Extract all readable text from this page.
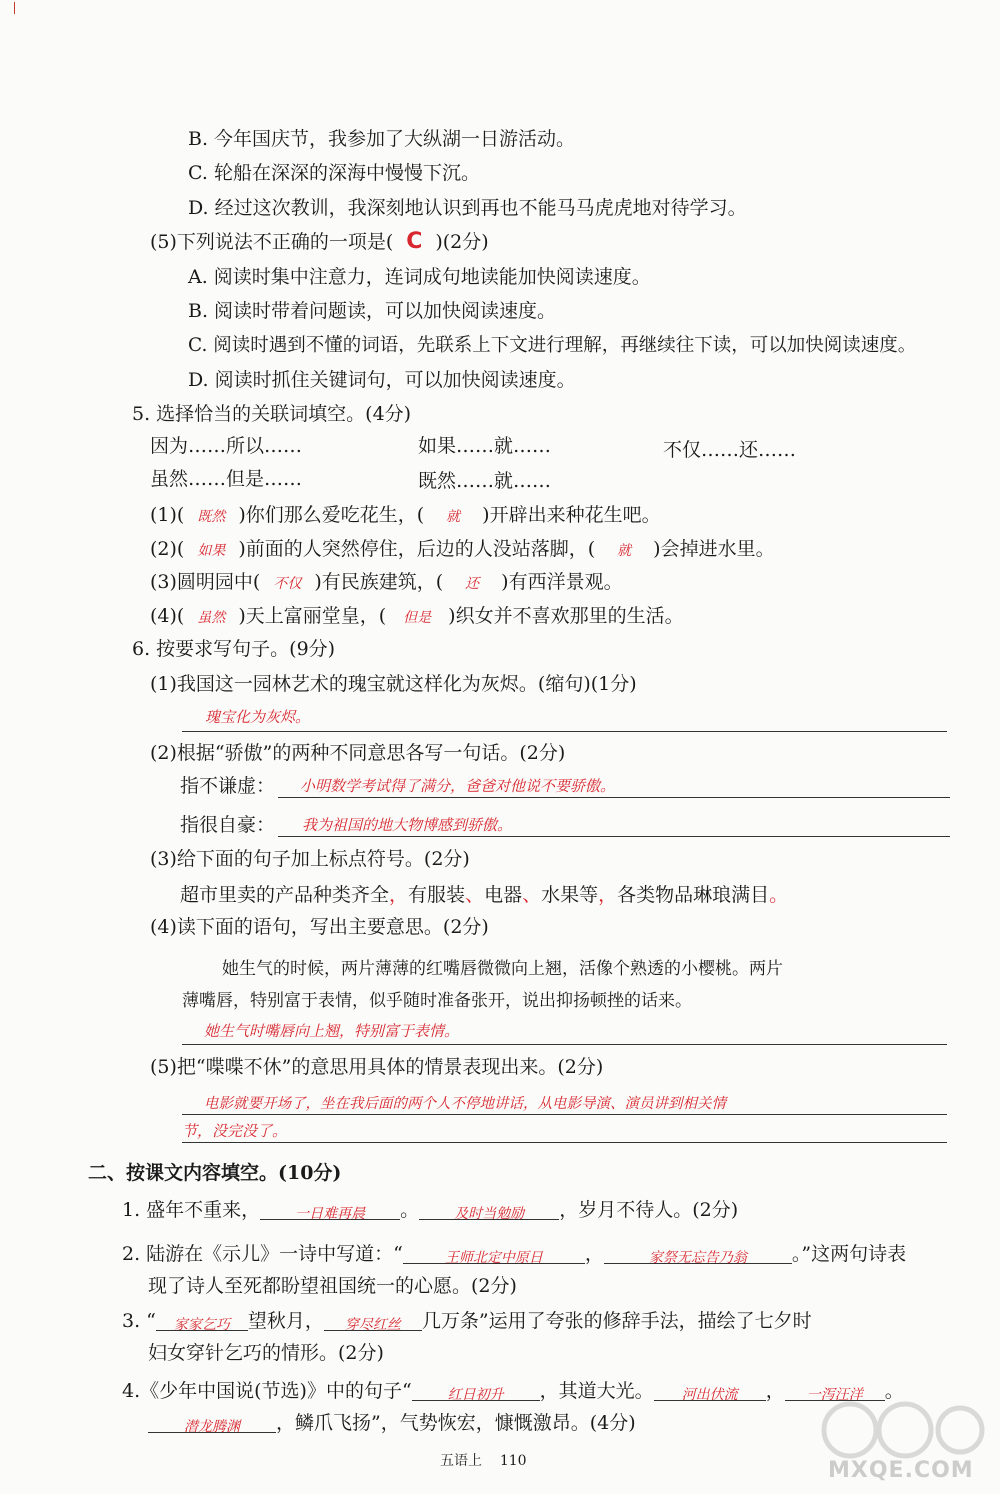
B. 今年国庆节，我参加了大纵湖一日游活动。
C. 轮船在深深的深海中慢慢下沉。
D. 经过这次教训，我深刻地认识到再也不能马马虎虎地对待学习。
(5)下列说法不正确的一项是( C )(2分)
A. 阅读时集中注意力，连词成句地读能加快阅读速度。
B. 阅读时带着问题读，可以加快阅读速度。
C. 阅读时遇到不懂的词语，先联系上下文进行理解，再继续往下读，可以加快阅读速度。
D. 阅读时抓住关键词句，可以加快阅读速度。
5. 选择恰当的关联词填空。(4分)
因为……所以……	如果……就……	不仅……还……
虽然……但是……	既然……就……
(1)( 既然 )你们那么爱吃花生，( 就 )开辟出来种花生吧。
(2)( 如果 )前面的人突然停住，后边的人没站落脚，( 就 )会掉进水里。
(3)圆明园中( 不仅 )有民族建筑，( 还 )有西洋景观。
(4)( 虽然 )天上富丽堂皇，( 但是 )织女并不喜欢那里的生活。
6. 按要求写句子。(9分)
(1)我国这一园林艺术的瑰宝就这样化为灰烬。(缩句)(1分)
瑰宝化为灰烬。
(2)根据“骄傲”的两种不同意思各写一句话。(2分)
指不谦虚： 小明数学考试得了满分，爸爸对他说不要骄傲。
指很自豪： 我为祖国的地大物博感到骄傲。
(3)给下面的句子加上标点符号。(2分)
超市里卖的产品种类齐全，有服装、电器、水果等，各类物品琳琅满目。
(4)读下面的语句，写出主要意思。(2分)
她生气的时候，两片薄薄的红嘴唇微微向上翘，活像个熟透的小樱桃。两片
薄嘴唇，特别富于表情，似乎随时准备张开，说出抑扬顿挫的话来。
她生气时嘴唇向上翘，特别富于表情。
(5)把“喋喋不休”的意思用具体的情景表现出来。(2分)
电影就要开场了，坐在我后面的两个人不停地讲话，从电影导演、演员讲到相关情
节，没完没了。
二、按课文内容填空。(10分)
1. 盛年不重来，	一日难再晨 。	及时当勉励 ，岁月不待人。(2分)
2. 陆游在《示儿》一诗中写道：“	王师北定中原日 ，	家祭无忘告乃翁 。”这两句诗表
现了诗人至死都盼望祖国统一的心愿。(2分)
3. “ 家家乞巧 望秋月， 穿尽红丝 几万条”运用了夸张的修辞手法，描绘了七夕时
妇女穿针乞巧的情形。(2分)
4.《少年中国说(节选)》中的句子“	红日初升 ，其道大光。 河出伏流 ， 一泻汪洋 。
潜龙腾渊 ，鳞爪飞扬”，气势恢宏，慷慨激昂。(4分)
五语上 110	MXQE.COM
